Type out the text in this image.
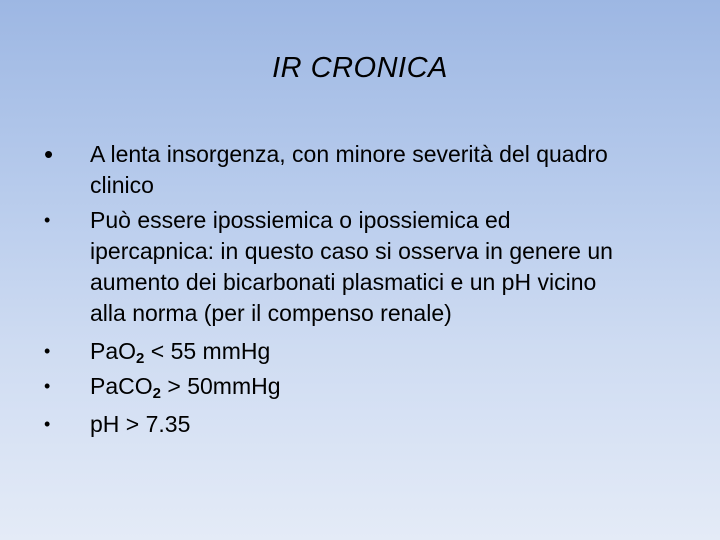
IR CRONICA
• A lenta insorgenza, con minore severità del quadro
clinico
• Può essere ipossiemica o ipossiemica ed
ipercapnica: in questo caso si osserva in genere un
aumento dei bicarbonati plasmatici e un pH vicino
alla norma (per il compenso renale)
• PaO$_2$ < 55 mmHg
• PaCO$_2$ > 50mmHg
• pH > 7.35
